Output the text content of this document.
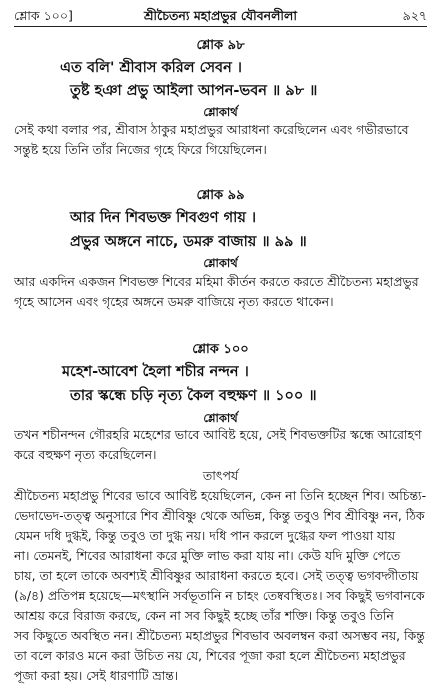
শ্লোক ১০০]	শ্রীচৈতন্য মহাপ্রভুর যৌবনলীলা	৯২৭
শ্লোক ৯৮
এত বলি' শ্রীবাস করিল সেবন ।
তুষ্ট হঞা প্রভু আইলা আপন-ভবন ॥ ৯৮ ॥
শ্লোকার্থ
সেই কথা বলার পর, শ্রীবাস ঠাকুর মহাপ্রভুর আরাধনা করেছিলেন এবং গভীরভাবে
সন্তুষ্ট হয়ে তিনি তাঁর নিজের গৃহে ফিরে গিয়েছিলেন।
শ্লোক ৯৯
আর দিন শিবভক্ত শিবগুণ গায় ।
প্রভুর অঙ্গনে নাচে, ডমরু বাজায় ॥ ৯৯ ॥
শ্লোকার্থ
আর একদিন একজন শিবভক্ত শিবের মহিমা কীর্তন করতে করতে শ্রীচৈতন্য মহাপ্রভুর
গৃহে আসেন এবং গৃহের অঙ্গনে ডমরু বাজিয়ে নৃত্য করতে থাকেন।
শ্লোক ১০০
মহেশ-আবেশ হৈলা শচীর নন্দন ।
তার স্কন্ধে চড়ি নৃত্য কৈল বহুক্ষণ ॥ ১০০ ॥
শ্লোকার্থ
তখন শচীনন্দন গৌরহরি মহেশের ভাবে আবিষ্ট হয়ে, সেই শিবভক্তটির স্কন্ধে আরোহণ
করে বহুক্ষণ নৃত্য করেছিলেন।
তাৎপর্য
শ্রীচৈতন্য মহাপ্রভু শিবের ভাবে আবিষ্ট হয়েছিলেন, কেন না তিনি হচ্ছেন শিব। অচিন্ত্য-
ভেদাভেদ-তত্ত্ব অনুসারে শিব শ্রীবিষ্ণু থেকে অভিন্ন, কিন্তু তবুও শিব শ্রীবিষ্ণু নন, ঠিক
যেমন দধি দুগ্ধই, কিন্তু তবুও তা দুগ্ধ নয়। দধি পান করলে দুগ্ধের ফল পাওয়া যায়
না। তেমনই, শিবের আরাধনা করে মুক্তি লাভ করা যায় না। কেউ যদি মুক্তি পেতে
চায়, তা হলে তাকে অবশ্যই শ্রীবিষ্ণুর আরাধনা করতে হবে। সেই তত্ত্ব ভগবদ্গীতায়
(৯/৪) প্রতিপন্ন হয়েছে—মৎস্থানি সর্বভূতানি ন চাহং তেষ্ববস্থিতঃ। সব কিছুই ভগবানকে
আশ্রয় করে বিরাজ করছে, কেন না সব কিছুই হচ্ছে তাঁর শক্তি। কিন্তু তবুও তিনি
সব কিছুতে অবস্থিত নন। শ্রীচৈতন্য মহাপ্রভুর শিবভাব অবলম্বন করা অসম্ভব নয়, কিন্তু
তা বলে কারও মনে করা উচিত নয় যে, শিবের পূজা করা হলে শ্রীচৈতন্য মহাপ্রভুর
পূজা করা হয়। সেই ধারণাটি ভ্রান্ত।
